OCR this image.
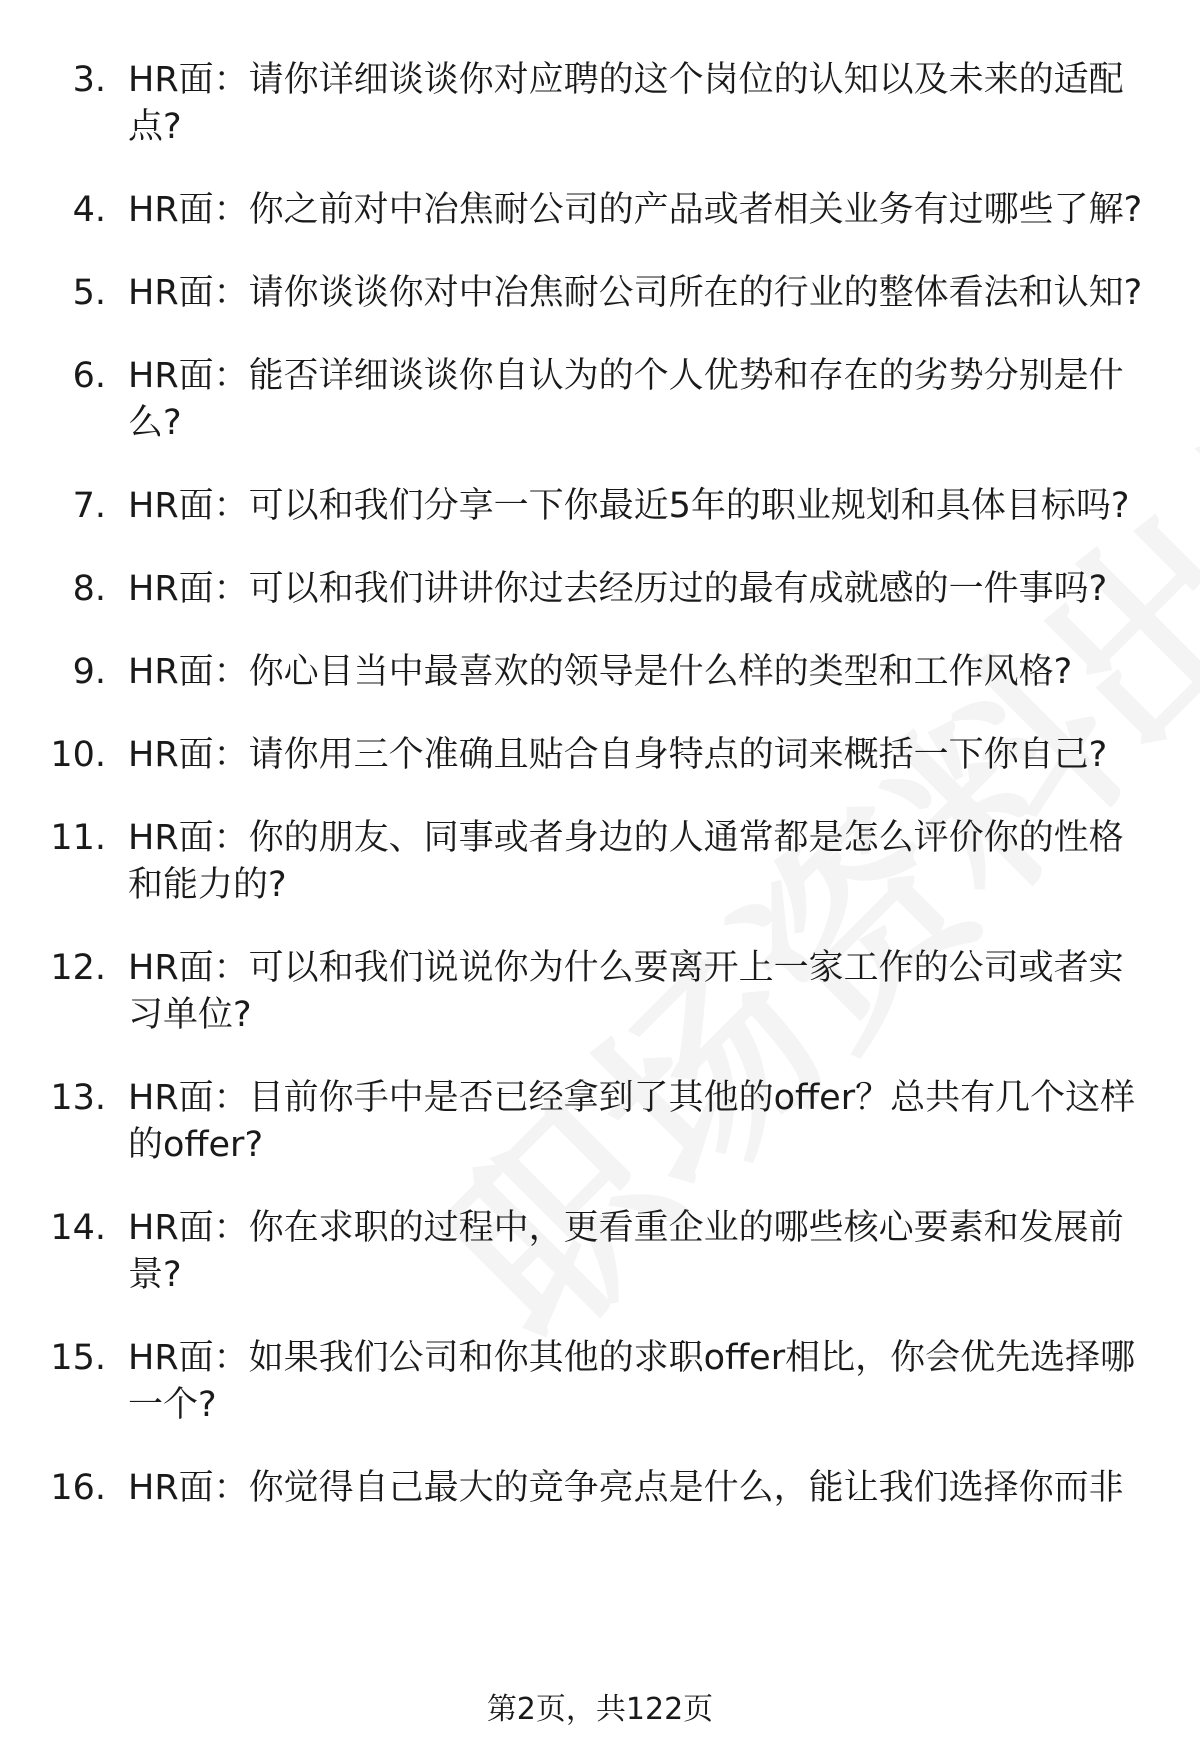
3. HR面：请你详细谈谈你对应聘的这个岗位的认知以及未来的适配点?
4. HR面：你之前对中冶焦耐公司的产品或者相关业务有过哪些了解?
5. HR面：请你谈谈你对中冶焦耐公司所在的行业的整体看法和认知?
6. HR面：能否详细谈谈你自认为的个人优势和存在的劣势分别是什么?
7. HR面：可以和我们分享一下你最近5年的职业规划和具体目标吗?
8. HR面：可以和我们讲讲你过去经历过的最有成就感的一件事吗?
9. HR面：你心目当中最喜欢的领导是什么样的类型和工作风格?
10. HR面：请你用三个准确且贴合自身特点的词来概括一下你自己?
11. HR面：你的朋友、同事或者身边的人通常都是怎么评价你的性格和能力的?
12. HR面：可以和我们说说你为什么要离开上一家工作的公司或者实习单位?
13. HR面：目前你手中是否已经拿到了其他的offer？总共有几个这样的offer?
14. HR面：你在求职的过程中，更看重企业的哪些核心要素和发展前景?
15. HR面：如果我们公司和你其他的求职offer相比，你会优先选择哪一个?
16. HR面：你觉得自己最大的竞争亮点是什么，能让我们选择你而非
第2页，共122页
